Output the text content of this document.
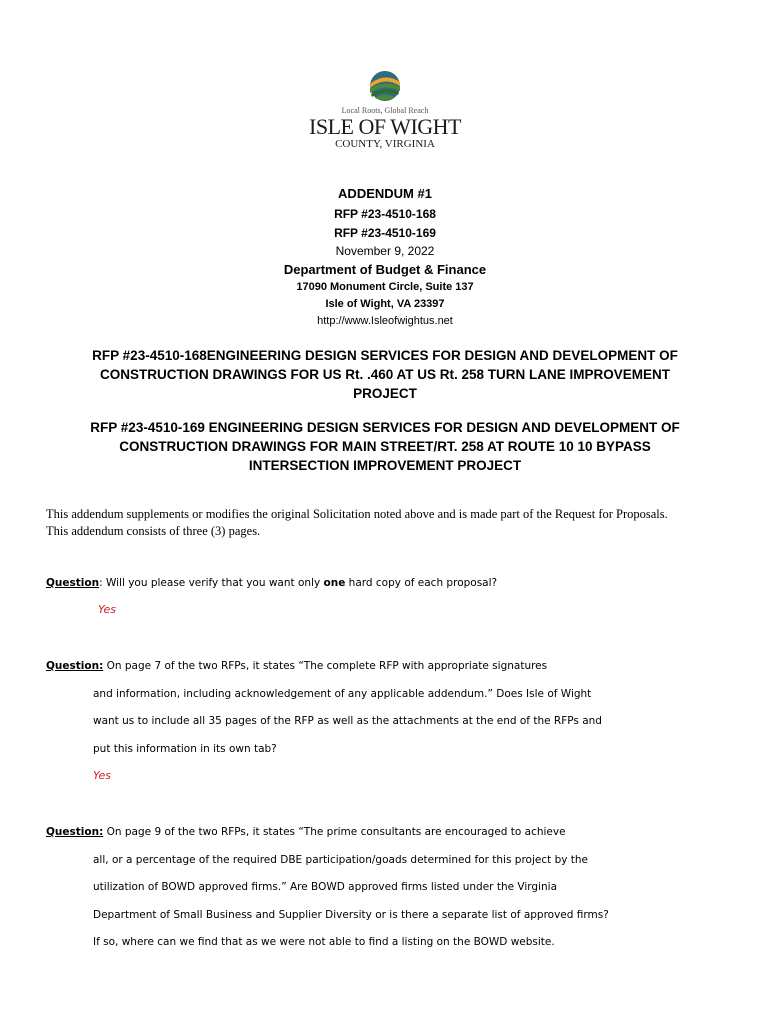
Local Roots, Global Reach
ISLE OF WIGHT
COUNTY, VIRGINIA
ADDENDUM #1
RFP #23-4510-168
RFP #23-4510-169
November 9, 2022
Department of Budget & Finance
17090 Monument Circle, Suite 137
Isle of Wight, VA 23397
http://www.Isleofwightus.net
RFP #23-4510-168ENGINEERING DESIGN SERVICES FOR DESIGN AND DEVELOPMENT OF
CONSTRUCTION DRAWINGS FOR US Rt. .460 AT US Rt. 258 TURN LANE IMPROVEMENT
PROJECT
RFP #23-4510-169 ENGINEERING DESIGN SERVICES FOR DESIGN AND DEVELOPMENT OF
CONSTRUCTION DRAWINGS FOR MAIN STREET/RT. 258 AT ROUTE 10 10 BYPASS
INTERSECTION IMPROVEMENT PROJECT
This addendum supplements or modifies the original Solicitation noted above and is made part of the Request for Proposals.
This addendum consists of three (3) pages.
Question: Will you please verify that you want only one hard copy of each proposal?
Yes
Question: On page 7 of the two RFPs, it states “The complete RFP with appropriate signatures
and information, including acknowledgement of any applicable addendum.” Does Isle of Wight
want us to include all 35 pages of the RFP as well as the attachments at the end of the RFPs and
put this information in its own tab?
Yes
Question: On page 9 of the two RFPs, it states “The prime consultants are encouraged to achieve
all, or a percentage of the required DBE participation/goads determined for this project by the
utilization of BOWD approved firms.” Are BOWD approved firms listed under the Virginia
Department of Small Business and Supplier Diversity or is there a separate list of approved firms?
If so, where can we find that as we were not able to find a listing on the BOWD website.
